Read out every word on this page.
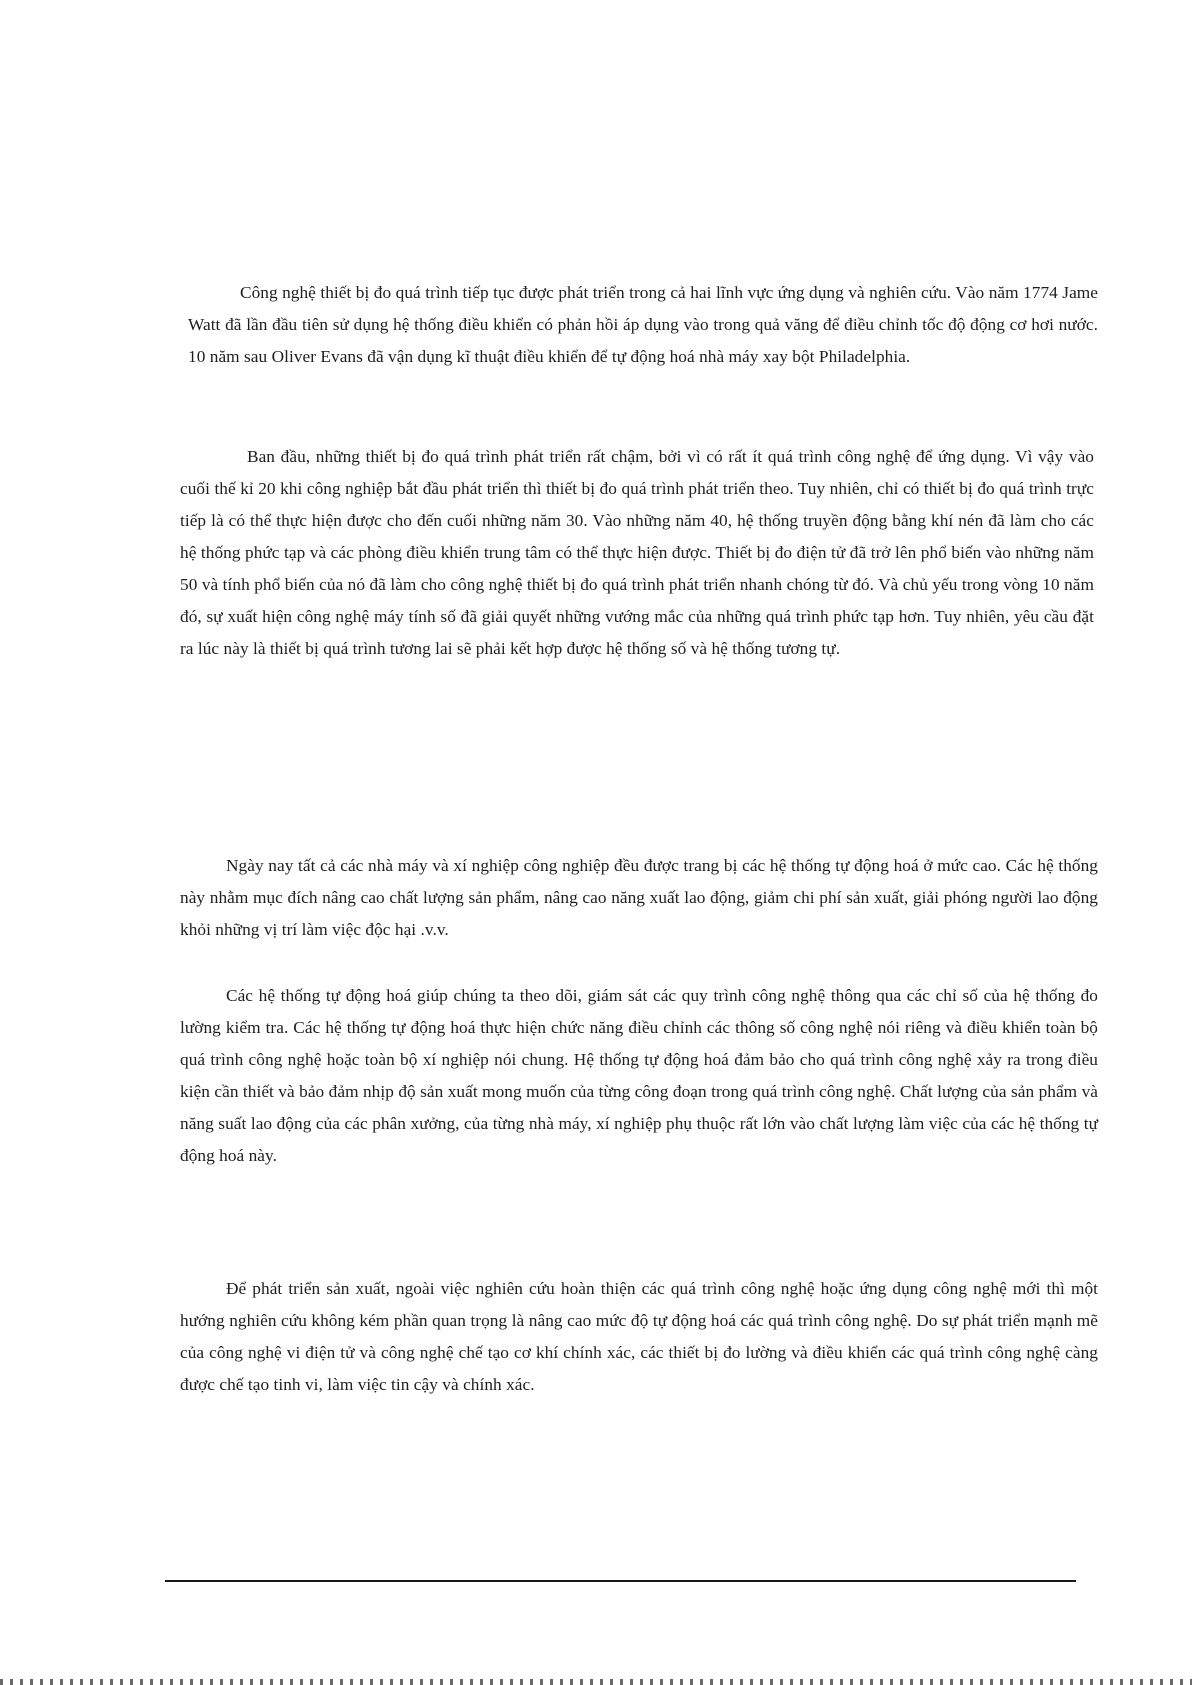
Công nghệ thiết bị đo quá trình tiếp tục được phát triển trong cả hai lĩnh vực ứng dụng và nghiên cứu. Vào năm 1774 Jame Watt đã lần đầu tiên sử dụng hệ thống điều khiển có phản hồi áp dụng vào trong quả văng để điều chỉnh tốc độ động cơ hơi nước. 10 năm sau Oliver Evans đã vận dụng kĩ thuật điều khiển để tự động hoá nhà máy xay bột Philadelphia.

Ban đầu, những thiết bị đo quá trình phát triển rất chậm, bởi vì có rất ít quá trình công nghệ để ứng dụng. Vì vậy vào cuối thế kỉ 20 khi công nghiệp bắt đầu phát triển thì thiết bị đo quá trình phát triển theo. Tuy nhiên, chỉ có thiết bị đo quá trình trực tiếp là có thể thực hiện được cho đến cuối những năm 30. Vào những năm 40, hệ thống truyền động bằng khí nén đã làm cho các hệ thống phức tạp và các phòng điều khiển trung tâm có thể thực hiện được. Thiết bị đo điện tử đã trở lên phổ biến vào những năm 50 và tính phổ biến của nó đã làm cho công nghệ thiết bị đo quá trình phát triển nhanh chóng từ đó. Và chủ yếu trong vòng 10 năm đó, sự xuất hiện công nghệ máy tính số đã giải quyết những vướng mắc của những quá trình phức tạp hơn. Tuy nhiên, yêu cầu đặt ra lúc này là thiết bị quá trình tương lai sẽ phải kết hợp được hệ thống số và hệ thống tương tự.

Ngày nay tất cả các nhà máy và xí nghiệp công nghiệp đều được trang bị các hệ thống tự động hoá ở mức cao. Các hệ thống này nhằm mục đích nâng cao chất lượng sản phẩm, nâng cao năng xuất lao động, giảm chi phí sản xuất, giải phóng người lao động khỏi những vị trí làm việc độc hại .v.v.

Các hệ thống tự động hoá giúp chúng ta theo dõi, giám sát các quy trình công nghệ thông qua các chỉ số của hệ thống đo lường kiểm tra. Các hệ thống tự động hoá thực hiện chức năng điều chỉnh các thông số công nghệ nói riêng và điều khiển toàn bộ quá trình công nghệ hoặc toàn bộ xí nghiệp nói chung. Hệ thống tự động hoá đảm bảo cho quá trình công nghệ xảy ra trong điều kiện cần thiết và bảo đảm nhịp độ sản xuất mong muốn của từng công đoạn trong quá trình công nghệ. Chất lượng của sản phẩm và năng suất lao động của các phân xưởng, của từng nhà máy, xí nghiệp phụ thuộc rất lớn vào chất lượng làm việc của các hệ thống tự động hoá này.

Để phát triển sản xuất, ngoài việc nghiên cứu hoàn thiện các quá trình công nghệ hoặc ứng dụng công nghệ mới thì một hướng nghiên cứu không kém phần quan trọng là nâng cao mức độ tự động hoá các quá trình công nghệ. Do sự phát triển mạnh mẽ của công nghệ vi điện tử và công nghệ chế tạo cơ khí chính xác, các thiết bị đo lường và điều khiển các quá trình công nghệ càng được chế tạo tinh vi, làm việc tin cậy và chính xác.
